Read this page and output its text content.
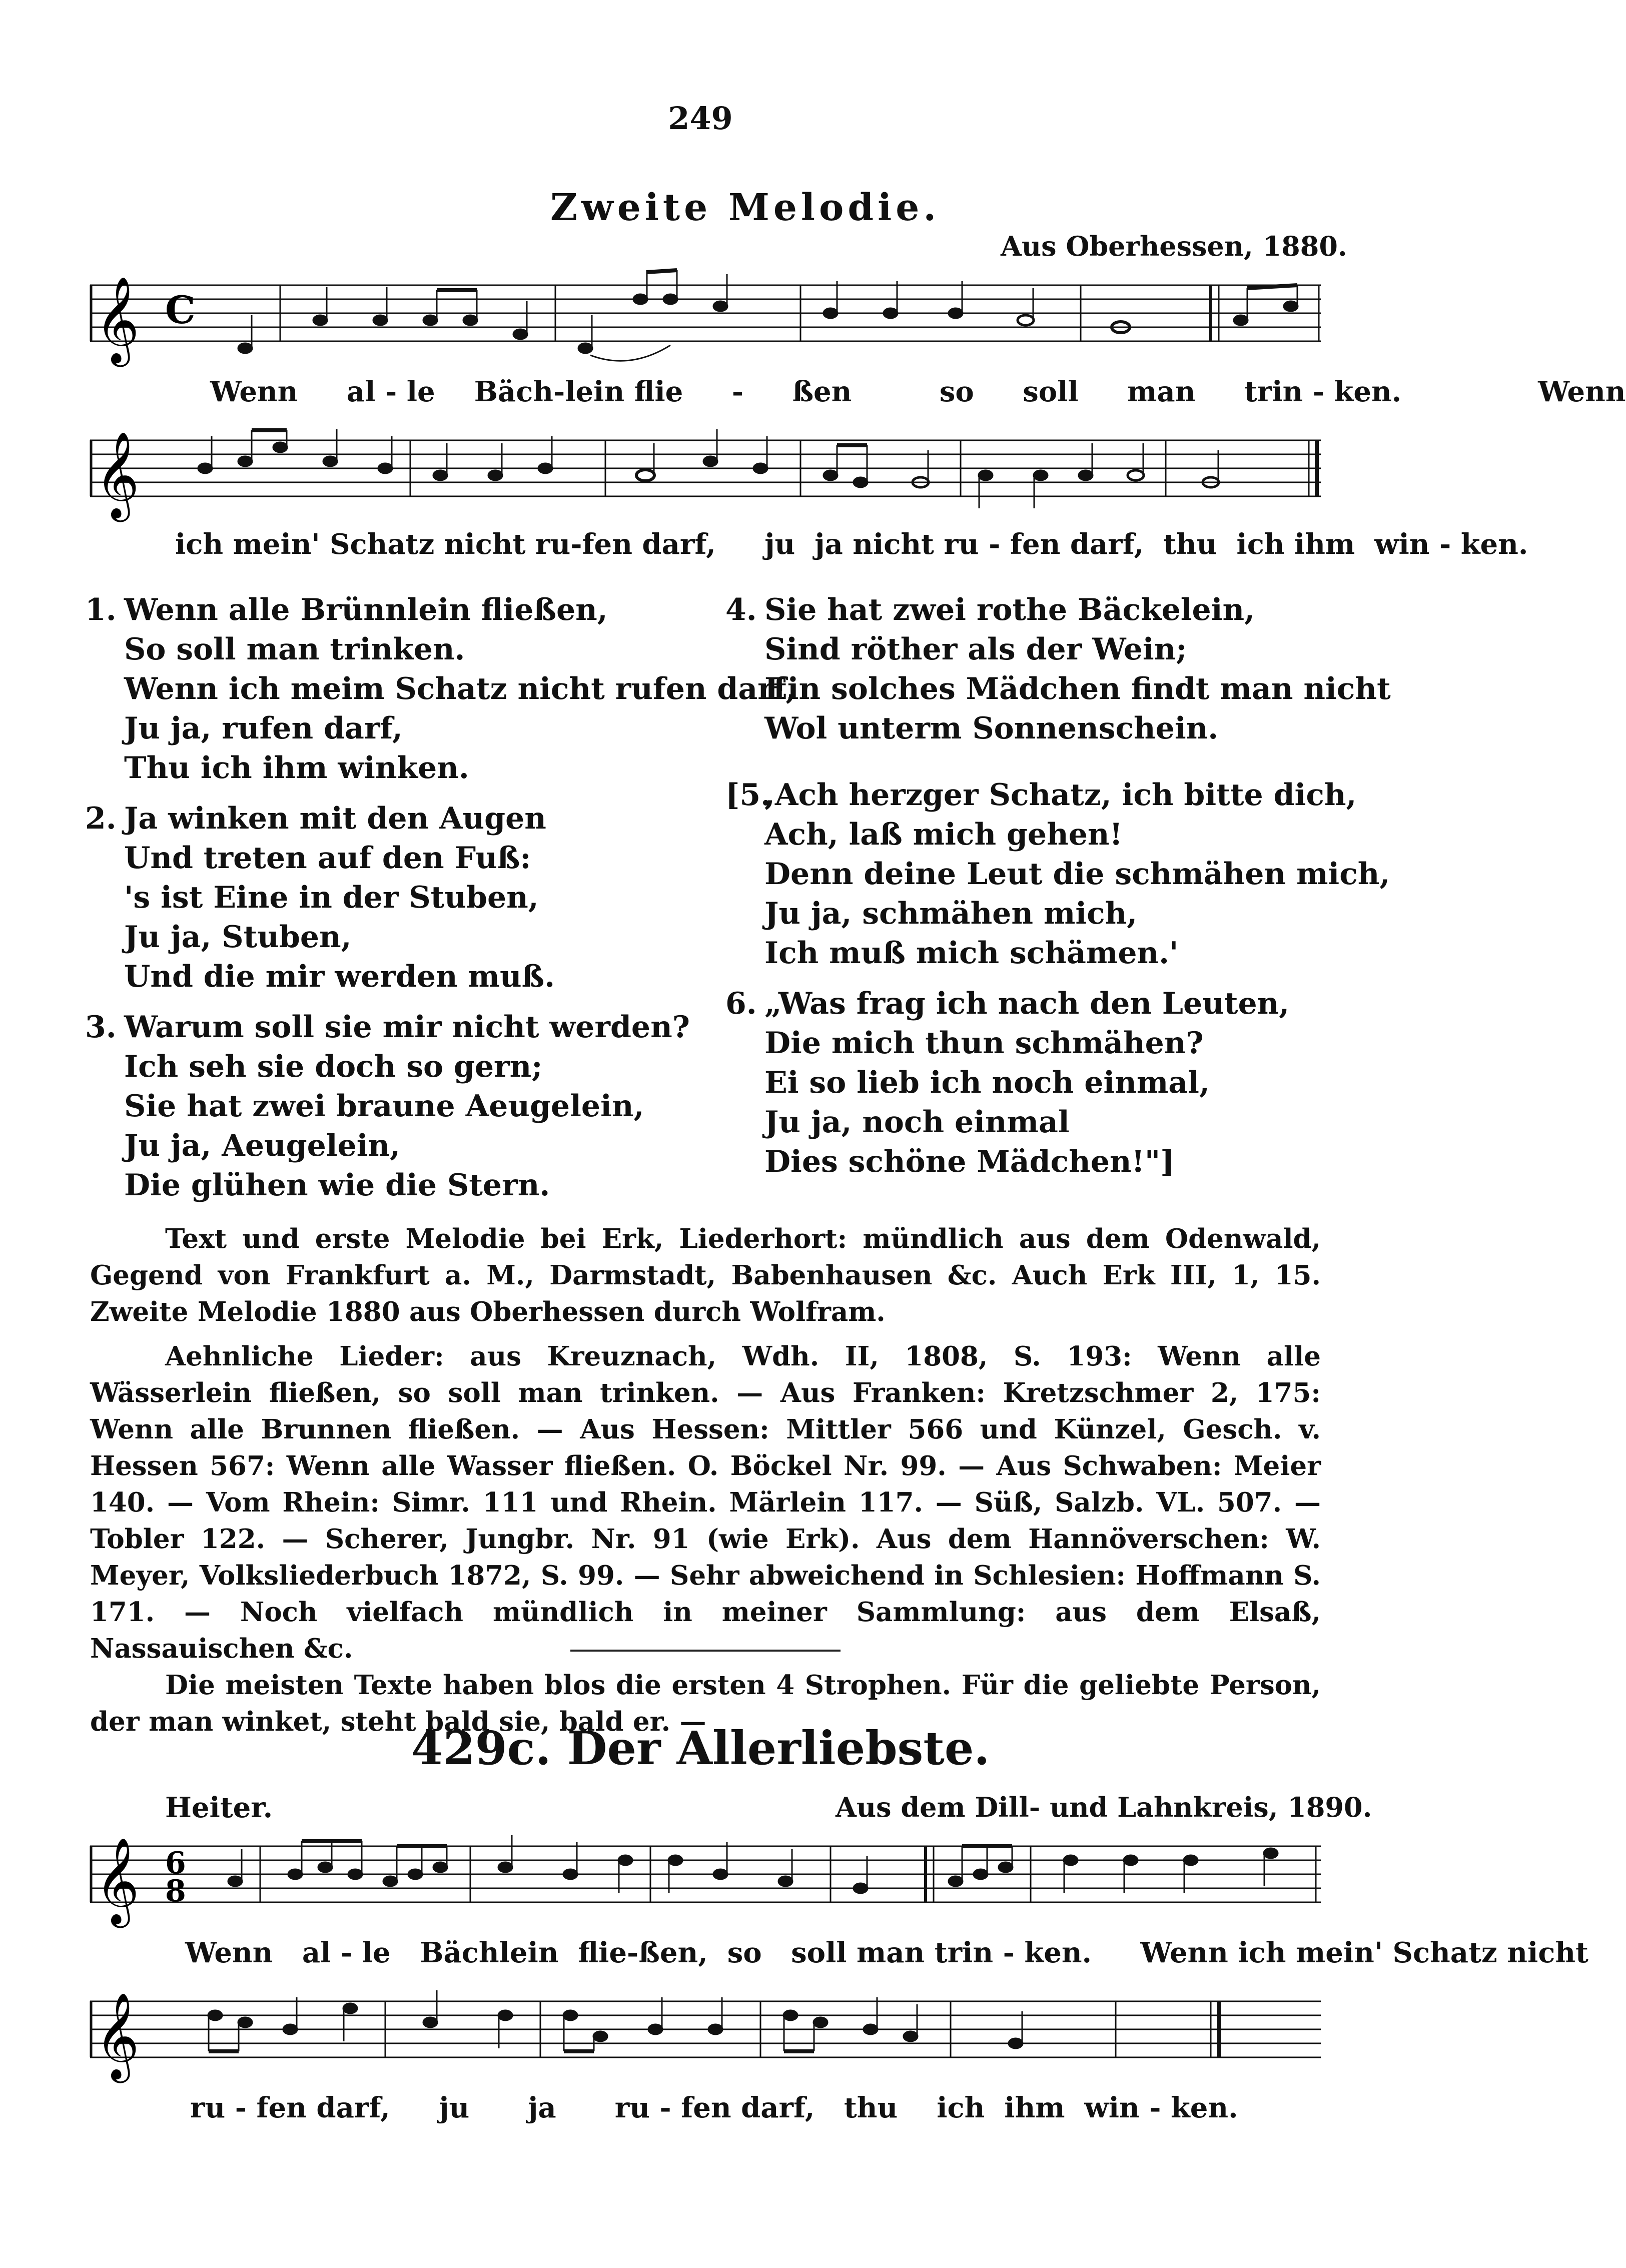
249
Zweite Melodie.
Aus Oberhessen, 1880.
𝄞 C
Wenn al - le Bäch-lein flie - ßen	so soll man trin - ken.	Wenn
𝄞
ich mein' Schatz nicht ru-fen darf, ju ja nicht ru - fen darf, thu ich ihm win - ken.
1. Wenn alle Brünnlein fließen,
So soll man trinken.
Wenn ich meim Schatz nicht rufen darf,
Ju ja, rufen darf,
Thu ich ihm winken.
2. Ja winken mit den Augen
Und treten auf den Fuß:
's ist Eine in der Stuben,
Ju ja, Stuben,
Und die mir werden muß.
3. Warum soll sie mir nicht werden?
Ich seh sie doch so gern;
Sie hat zwei braune Aeugelein,
Ju ja, Aeugelein,
Die glühen wie die Stern.
4. Sie hat zwei rothe Bäckelein,
Sind röther als der Wein;
Ein solches Mädchen findt man nicht
Wol unterm Sonnenschein.
[5.,Ach herzger Schatz, ich bitte dich,
Ach, laß mich gehen!
Denn deine Leut die schmähen mich,
Ju ja, schmähen mich,
Ich muß mich schämen.'
6. „Was frag ich nach den Leuten,
Die mich thun schmähen?
Ei so lieb ich noch einmal,
Ju ja, noch einmal
Dies schöne Mädchen!"]

Text und erste Melodie bei Erk, Liederhort: mündlich aus dem Odenwald, Gegend von Frankfurt a. M., Darmstadt, Babenhausen &c. Auch Erk III, 1, 15. Zweite Melodie 1880 aus Oberhessen durch Wolfram.

Aehnliche Lieder: aus Kreuznach, Wdh. II, 1808, S. 193: Wenn alle Wässerlein fließen, so soll man trinken. — Aus Franken: Kretzschmer 2, 175: Wenn alle Brunnen fließen. — Aus Hessen: Mittler 566 und Künzel, Gesch. v. Hessen 567: Wenn alle Wasser fließen. O. Böckel Nr. 99. — Aus Schwaben: Meier 140. — Vom Rhein: Simr. 111 und Rhein. Märlein 117. — Süß, Salzb. VL. 507. — Tobler 122. — Scherer, Jungbr. Nr. 91 (wie Erk). Aus dem Hannöverschen: W. Meyer, Volksliederbuch 1872, S. 99. — Sehr abweichend in Schlesien: Hoffmann S. 171. — Noch vielfach mündlich in meiner Sammlung: aus dem Elsaß, Nassauischen &c.

Die meisten Texte haben blos die ersten 4 Strophen. Für die geliebte Person, der man winket, steht bald sie, bald er. —

429c. Der Allerliebste.
Heiter.	Aus dem Dill- und Lahnkreis, 1890.
𝄞 6
8
Wenn al - le Bächlein flie-ßen, so soll man trin - ken. Wenn ich mein' Schatz nicht
𝄞
ru - fen darf, ju ja ru - fen darf, thu ich ihm win - ken.
